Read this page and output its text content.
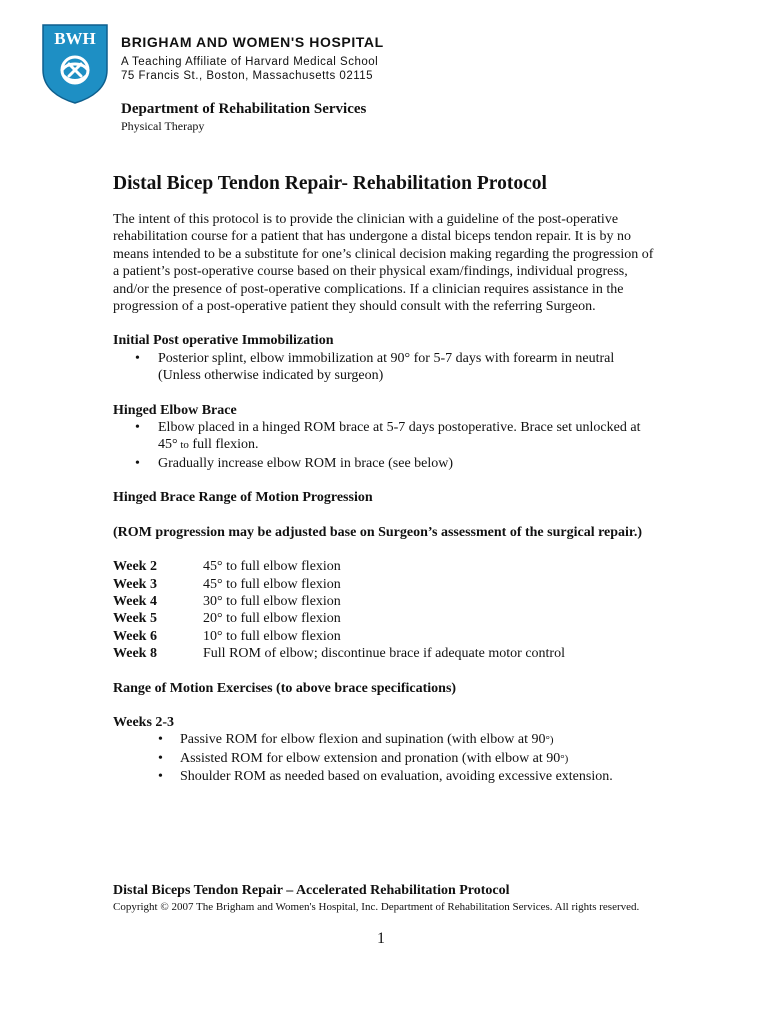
BWH BRIGHAM AND WOMEN'S HOSPITAL

A Teaching Affiliate of Harvard Medical School
75 Francis St., Boston, Massachusetts 02115

Department of Rehabilitation Services

Physical Therapy

Distal Bicep Tendon Repair- Rehabilitation Protocol

The intent of this protocol is to provide the clinician with a guideline of the post-operative rehabilitation course for a patient that has undergone a distal biceps tendon repair. It is by no means intended to be a substitute for one’s clinical decision making regarding the progression of a patient’s post-operative course based on their physical exam/findings, individual progress, and/or the presence of post-operative complications. If a clinician requires assistance in the progression of a post-operative patient they should consult with the referring Surgeon.

Initial Post operative Immobilization

• Posterior splint, elbow immobilization at 90° for 5-7 days with forearm in neutral (Unless otherwise indicated by surgeon)

Hinged Elbow Brace

• Elbow placed in a hinged ROM brace at 5-7 days postoperative. Brace set unlocked at 45° to full flexion.
• Gradually increase elbow ROM in brace (see below)

Hinged Brace Range of Motion Progression

(ROM progression may be adjusted base on Surgeon’s assessment of the surgical repair.)

Week 2	45° to full elbow flexion
Week 3	45° to full elbow flexion
Week 4	30° to full elbow flexion
Week 5	20° to full elbow flexion
Week 6	10° to full elbow flexion
Week 8	Full ROM of elbow; discontinue brace if adequate motor control

Range of Motion Exercises (to above brace specifications)

Weeks 2-3

• Passive ROM for elbow flexion and supination (with elbow at 90°)
• Assisted ROM for elbow extension and pronation (with elbow at 90°)
• Shoulder ROM as needed based on evaluation, avoiding excessive extension.

Distal Biceps Tendon Repair – Accelerated Rehabilitation Protocol

Copyright © 2007 The Brigham and Women's Hospital, Inc. Department of Rehabilitation Services. All rights reserved.

1
